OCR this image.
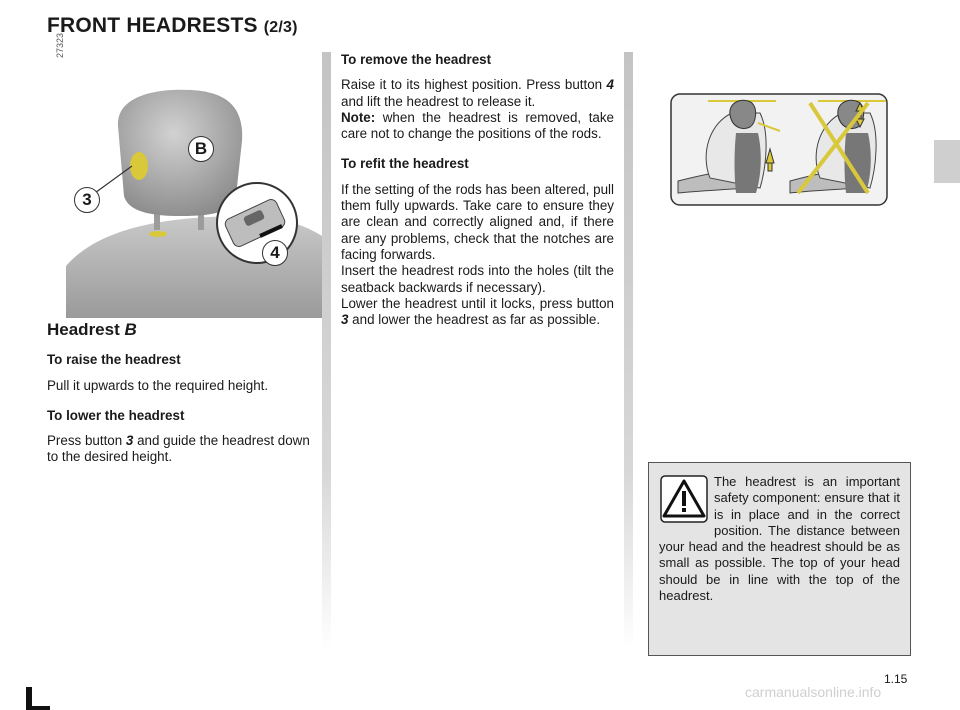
FRONT HEADRESTS (2/3)
27323
B
3
4
Headrest B

To raise the headrest

Pull it upwards to the required height.

To lower the headrest

Press button 3 and guide the headrest down to the desired height.

To remove the headrest

Raise it to its highest position. Press button 4 and lift the headrest to release it.

Note: when the headrest is removed, take care not to change the positions of the rods.

To refit the headrest

If the setting of the rods has been altered, pull them fully upwards. Take care to ensure they are clean and correctly aligned and, if there are any problems, check that the notches are facing forwards.

Insert the headrest rods into the holes (tilt the seatback backwards if necessary).

Lower the headrest until it locks, press button 3 and lower the headrest as far as possible.

The headrest is an important safety component: ensure that it is in place and in the correct position. The distance between your head and the headrest should be as small as possible. The top of your head should be in line with the top of the headrest.
1.15
carmanualsonline.info
